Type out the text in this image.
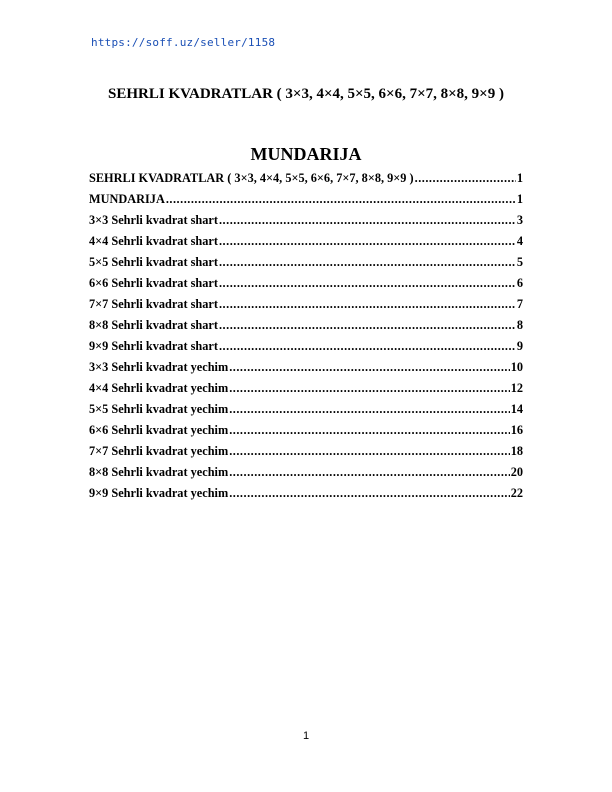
https://soff.uz/seller/1158
SEHRLI KVADRATLAR ( 3×3, 4×4, 5×5, 6×6, 7×7, 8×8, 9×9 )
MUNDARIJA
SEHRLI KVADRATLAR ( 3×3, 4×4, 5×5, 6×6, 7×7, 8×8, 9×9 ) .....	1
MUNDARIJA .....	1
3×3 Sehrli kvadrat shart .....	3
4×4 Sehrli kvadrat shart .....	4
5×5 Sehrli kvadrat shart .....	5
6×6 Sehrli kvadrat shart .....	6
7×7 Sehrli kvadrat shart .....	7
8×8 Sehrli kvadrat shart .....	8
9×9 Sehrli kvadrat shart .....	9
3×3 Sehrli kvadrat yechim .....	10
4×4 Sehrli kvadrat yechim .....	12
5×5 Sehrli kvadrat yechim .....	14
6×6 Sehrli kvadrat yechim .....	16
7×7 Sehrli kvadrat yechim .....	18
8×8 Sehrli kvadrat yechim .....	20
9×9 Sehrli kvadrat yechim .....	22
1
